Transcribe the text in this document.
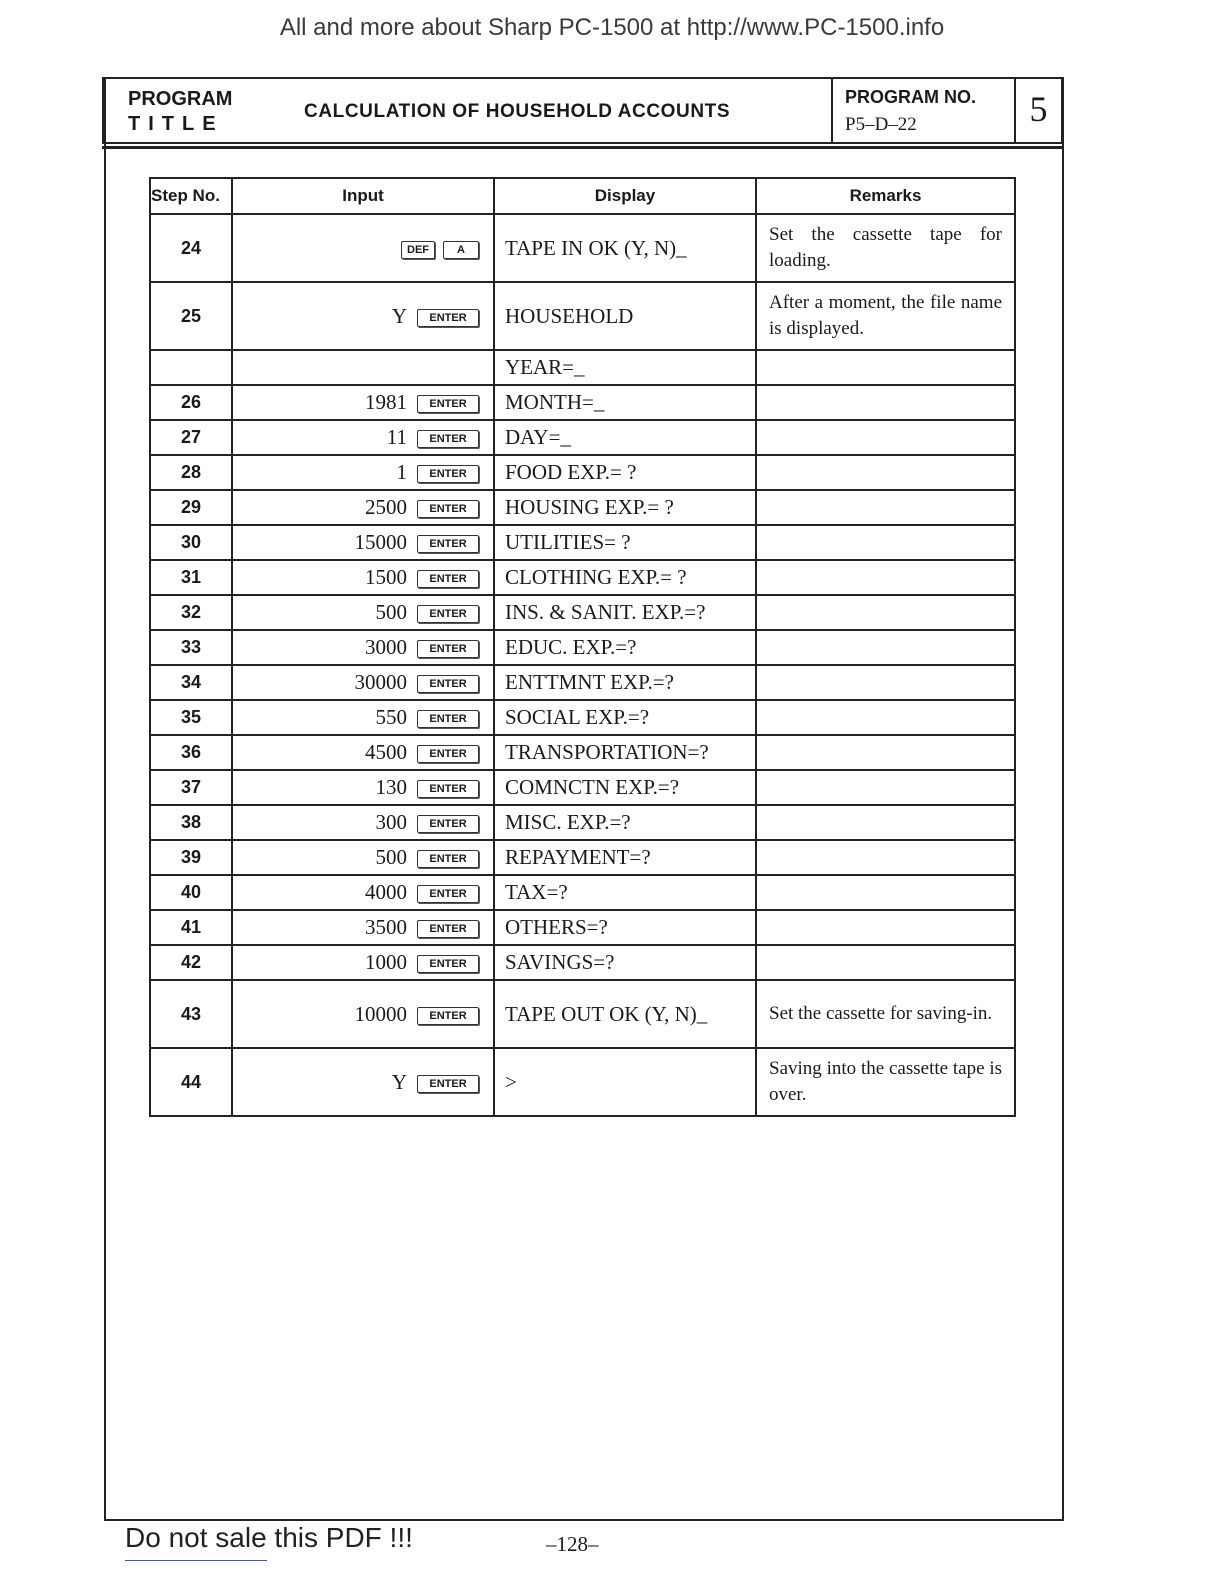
All and more about Sharp PC-1500 at http://www.PC-1500.info
PROGRAM
TITLE
CALCULATION OF HOUSEHOLD ACCOUNTS
PROGRAM NO.
P5–D–22	5
Step No.	Input	Display	Remarks
24	DEF A	TAPE IN OK (Y, N)_	Set the cassette tape for loading.
25	Y ENTER	HOUSEHOLD	After a moment, the file name is displayed.
		YEAR=_	
26	1981 ENTER	MONTH=_	
27	11 ENTER	DAY=_	
28	1 ENTER	FOOD EXP.= ?	
29	2500 ENTER	HOUSING EXP.= ?	
30	15000 ENTER	UTILITIES= ?	
31	1500 ENTER	CLOTHING EXP.= ?	
32	500 ENTER	INS. & SANIT. EXP.=?	
33	3000 ENTER	EDUC. EXP.=?	
34	30000 ENTER	ENTTMNT EXP.=?	
35	550 ENTER	SOCIAL EXP.=?	
36	4500 ENTER	TRANSPORTATION=?	
37	130 ENTER	COMNCTN EXP.=?	
38	300 ENTER	MISC. EXP.=?	
39	500 ENTER	REPAYMENT=?	
40	4000 ENTER	TAX=?	
41	3500 ENTER	OTHERS=?	
42	1000 ENTER	SAVINGS=?	
43	10000 ENTER	TAPE OUT OK (Y, N)_	Set the cassette for saving-in.
44	Y ENTER	>	Saving into the cassette tape is over.
Do not sale this PDF !!!	–128–
